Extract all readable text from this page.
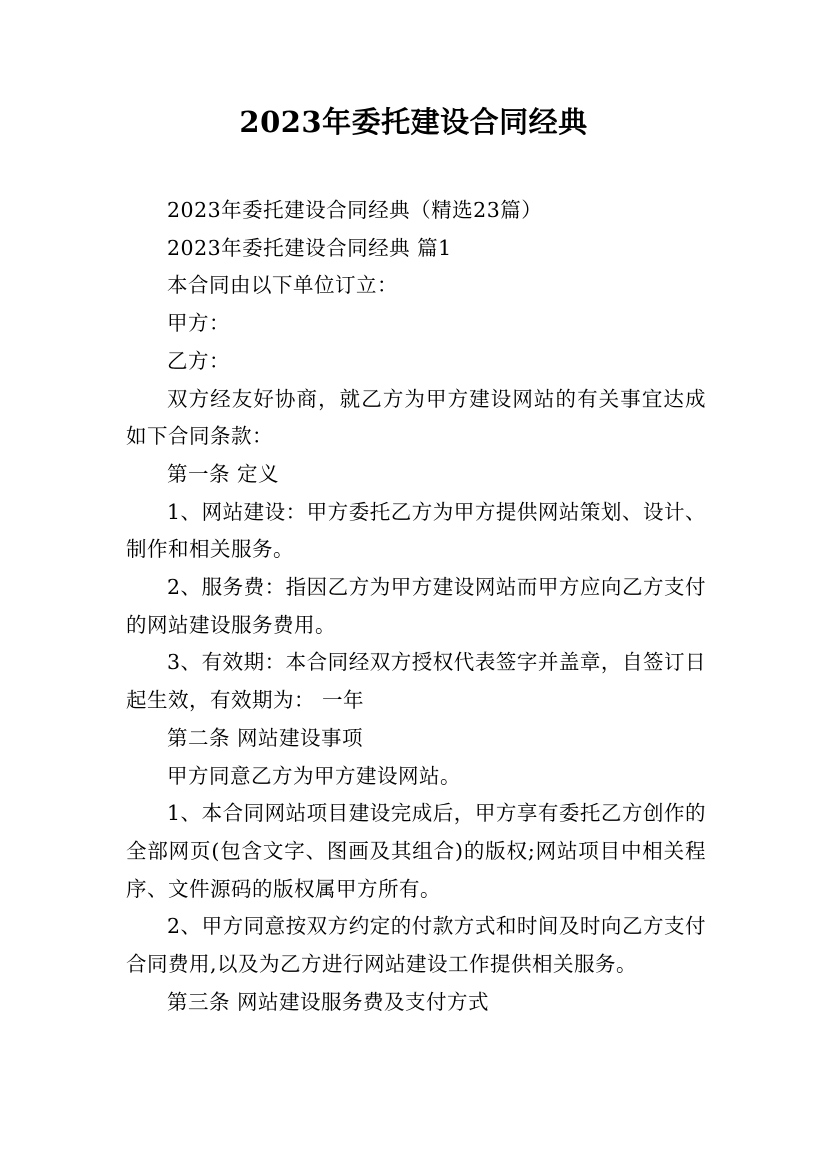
2023年委托建设合同经典

2023年委托建设合同经典（精选23篇）

2023年委托建设合同经典 篇1

本合同由以下单位订立：

甲方：

乙方：

双方经友好协商，就乙方为甲方建设网站的有关事宜达成如下合同条款：

第一条 定义

1、网站建设：甲方委托乙方为甲方提供网站策划、设计、制作和相关服务。

2、服务费：指因乙方为甲方建设网站而甲方应向乙方支付的网站建设服务费用。

3、有效期：本合同经双方授权代表签字并盖章，自签订日起生效，有效期为： 一年

第二条 网站建设事项

甲方同意乙方为甲方建设网站。

1、本合同网站项目建设完成后，甲方享有委托乙方创作的全部网页(包含文字、图画及其组合)的版权;网站项目中相关程序、文件源码的版权属甲方所有。

2、甲方同意按双方约定的付款方式和时间及时向乙方支付合同费用,以及为乙方进行网站建设工作提供相关服务。

第三条 网站建设服务费及支付方式
